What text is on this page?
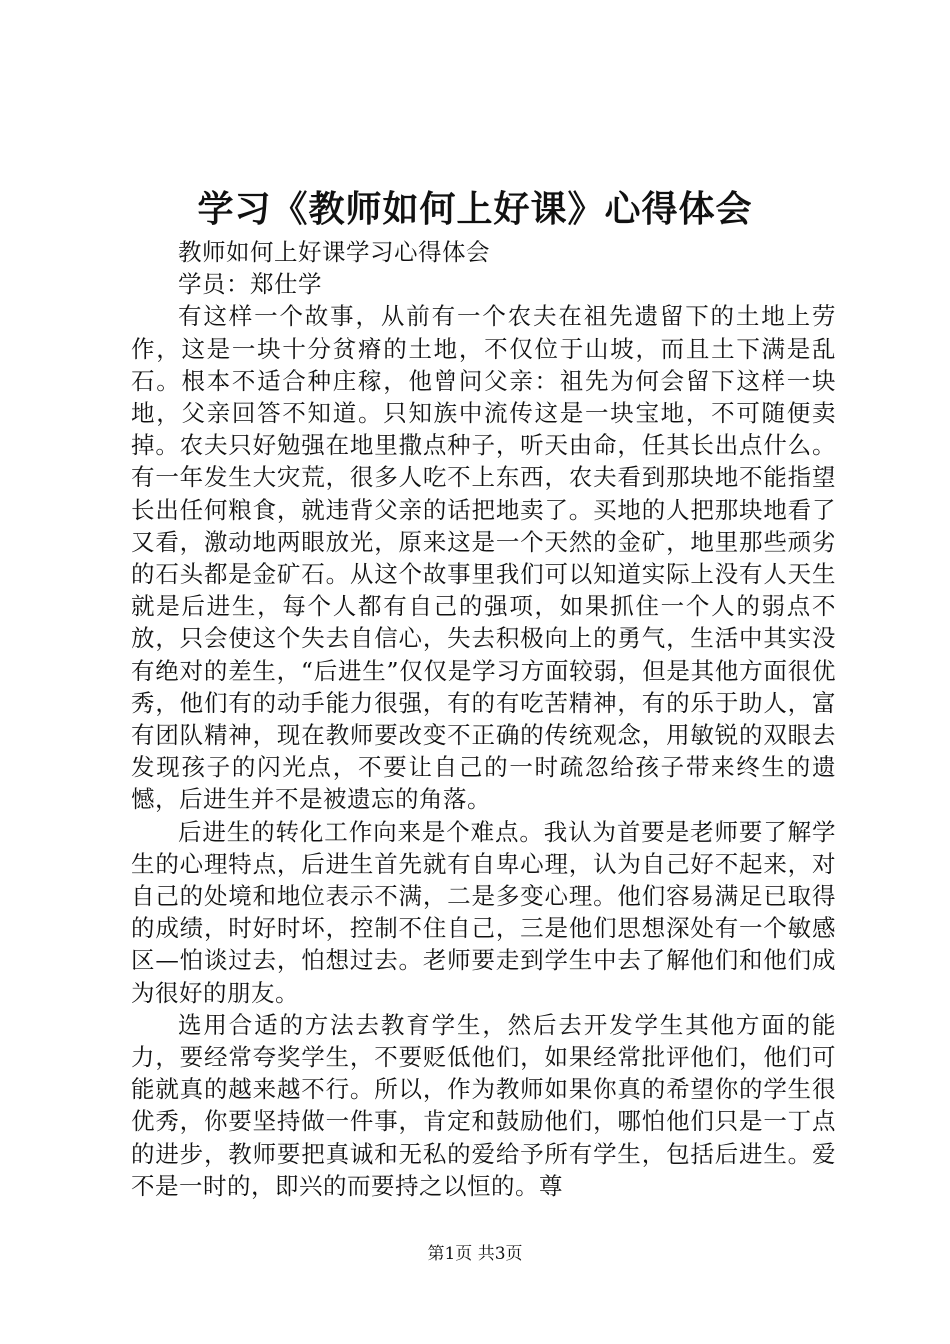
学习《教师如何上好课》心得体会

教师如何上好课学习心得体会

学员：郑仕学

有这样一个故事，从前有一个农夫在祖先遗留下的土地上劳作，这是一块十分贫瘠的土地，不仅位于山坡，而且土下满是乱石。根本不适合种庄稼，他曾问父亲：祖先为何会留下这样一块地，父亲回答不知道。只知族中流传这是一块宝地，不可随便卖掉。农夫只好勉强在地里撒点种子，听天由命，任其长出点什么。有一年发生大灾荒，很多人吃不上东西，农夫看到那块地不能指望长出任何粮食，就违背父亲的话把地卖了。买地的人把那块地看了又看，激动地两眼放光，原来这是一个天然的金矿，地里那些顽劣的石头都是金矿石。从这个故事里我们可以知道实际上没有人天生就是后进生，每个人都有自己的强项，如果抓住一个人的弱点不放，只会使这个失去自信心，失去积极向上的勇气，生活中其实没有绝对的差生，“后进生”仅仅是学习方面较弱，但是其他方面很优秀，他们有的动手能力很强，有的有吃苦精神，有的乐于助人，富有团队精神，现在教师要改变不正确的传统观念，用敏锐的双眼去发现孩子的闪光点，不要让自己的一时疏忽给孩子带来终生的遗憾，后进生并不是被遗忘的角落。

后进生的转化工作向来是个难点。我认为首要是老师要了解学生的心理特点，后进生首先就有自卑心理，认为自己好不起来，对自己的处境和地位表示不满，二是多变心理。他们容易满足已取得的成绩，时好时坏，控制不住自己，三是他们思想深处有一个敏感区—怕谈过去，怕想过去。老师要走到学生中去了解他们和他们成为很好的朋友。

选用合适的方法去教育学生，然后去开发学生其他方面的能力，要经常夸奖学生，不要贬低他们，如果经常批评他们，他们可能就真的越来越不行。所以，作为教师如果你真的希望你的学生很优秀，你要坚持做一件事，肯定和鼓励他们，哪怕他们只是一丁点的进步，教师要把真诚和无私的爱给予所有学生，包括后进生。爱不是一时的，即兴的而要持之以恒的。尊

第1页 共3页
